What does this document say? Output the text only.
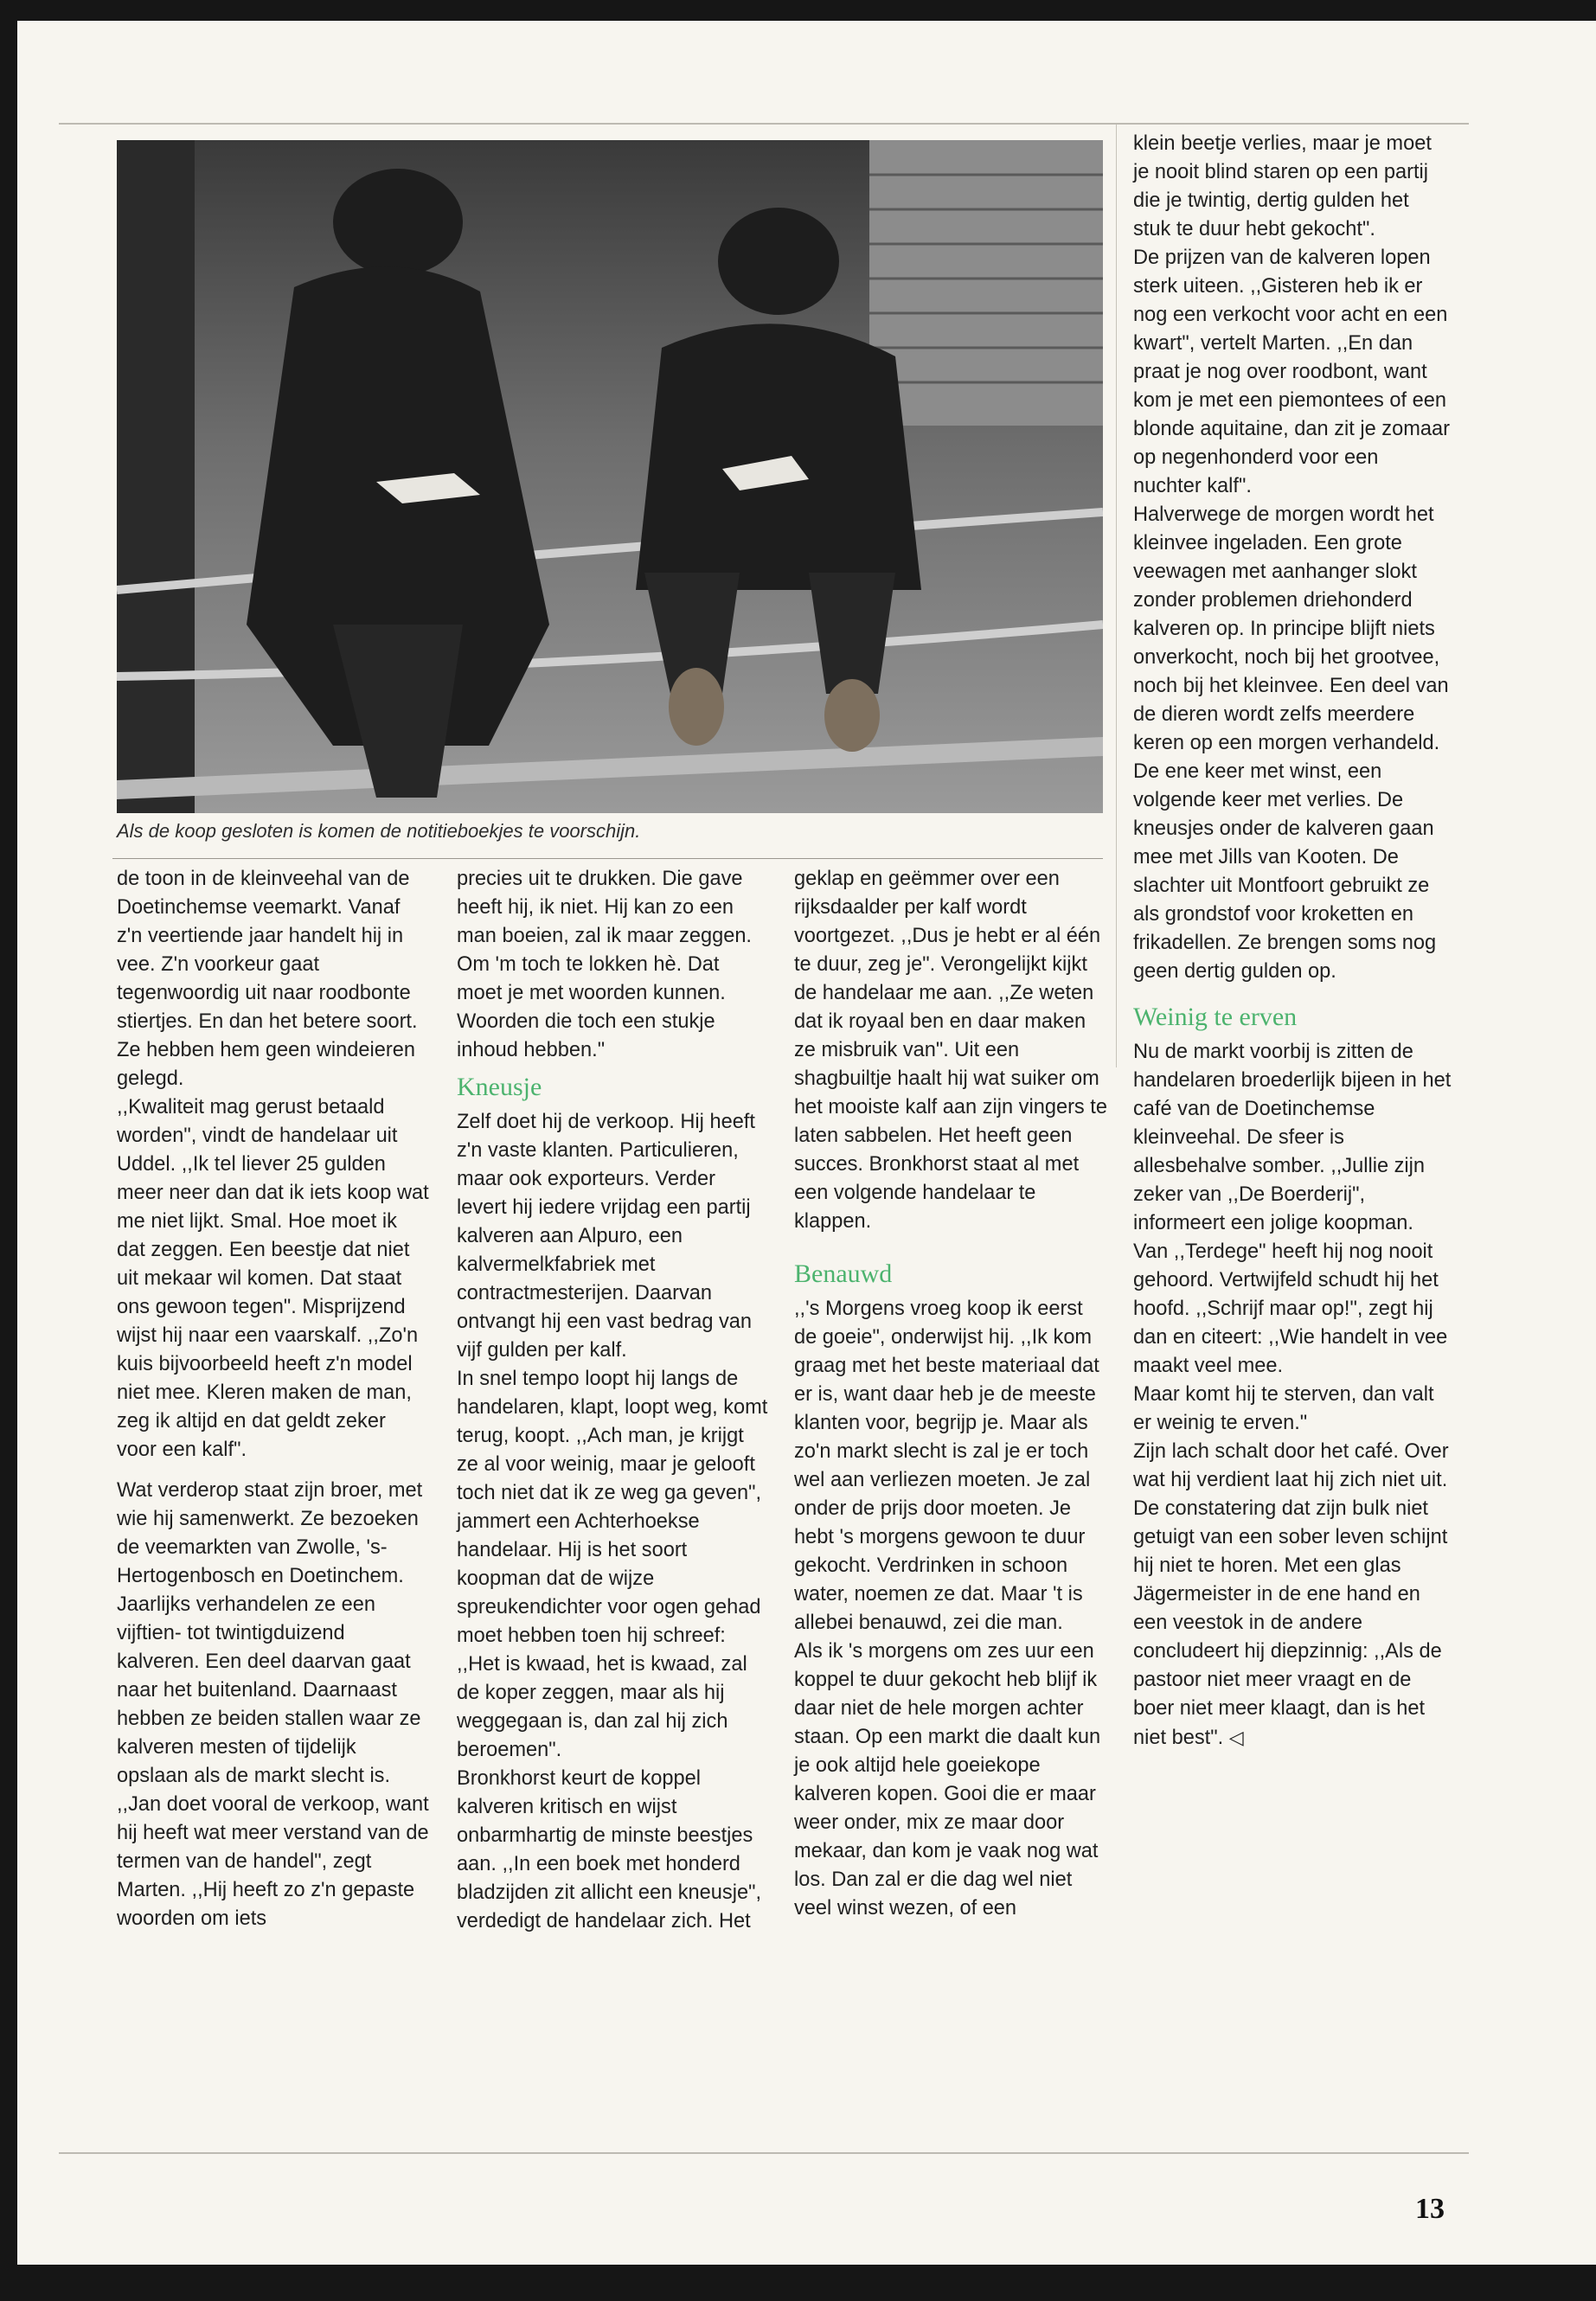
Als de koop gesloten is komen de notitieboekjes te voorschijn.

de toon in de kleinveehal van de Doetinchemse veemarkt. Vanaf z'n veertiende jaar handelt hij in vee. Z'n voorkeur gaat tegenwoordig uit naar roodbonte stiertjes. En dan het betere soort. Ze hebben hem geen windeieren gelegd.

,,Kwaliteit mag gerust betaald worden", vindt de handelaar uit Uddel. ,,Ik tel liever 25 gulden meer neer dan dat ik iets koop wat me niet lijkt. Smal. Hoe moet ik dat zeggen. Een beestje dat niet uit mekaar wil komen. Dat staat ons gewoon tegen". Misprijzend wijst hij naar een vaarskalf. ,,Zo'n kuis bijvoorbeeld heeft z'n model niet mee. Kleren maken de man, zeg ik altijd en dat geldt zeker voor een kalf".

Wat verderop staat zijn broer, met wie hij samenwerkt. Ze bezoeken de veemarkten van Zwolle, 's-Hertogenbosch en Doetinchem. Jaarlijks verhandelen ze een vijftien- tot twintigduizend kalveren. Een deel daarvan gaat naar het buitenland. Daarnaast hebben ze beiden stallen waar ze kalveren mesten of tijdelijk opslaan als de markt slecht is. ,,Jan doet vooral de verkoop, want hij heeft wat meer verstand van de termen van de handel", zegt Marten. ,,Hij heeft zo z'n gepaste woorden om iets

precies uit te drukken. Die gave heeft hij, ik niet. Hij kan zo een man boeien, zal ik maar zeggen. Om 'm toch te lokken hè. Dat moet je met woorden kunnen. Woorden die toch een stukje inhoud hebben."

Kneusje

Zelf doet hij de verkoop. Hij heeft z'n vaste klanten. Particulieren, maar ook exporteurs. Verder levert hij iedere vrijdag een partij kalveren aan Alpuro, een kalvermelkfabriek met contractmesterijen. Daarvan ontvangt hij een vast bedrag van vijf gulden per kalf.

In snel tempo loopt hij langs de handelaren, klapt, loopt weg, komt terug, koopt. ,,Ach man, je krijgt ze al voor weinig, maar je gelooft toch niet dat ik ze weg ga geven", jammert een Achterhoekse handelaar. Hij is het soort koopman dat de wijze spreukendichter voor ogen gehad moet hebben toen hij schreef: ,,Het is kwaad, het is kwaad, zal de koper zeggen, maar als hij weggegaan is, dan zal hij zich beroemen".

Bronkhorst keurt de koppel kalveren kritisch en wijst onbarmhartig de minste beestjes aan. ,,In een boek met honderd bladzijden zit allicht een kneusje", verdedigt de handelaar zich. Het

geklap en geëmmer over een rijksdaalder per kalf wordt voortgezet. ,,Dus je hebt er al één te duur, zeg je". Verongelijkt kijkt de handelaar me aan. ,,Ze weten dat ik royaal ben en daar maken ze misbruik van". Uit een shagbuiltje haalt hij wat suiker om het mooiste kalf aan zijn vingers te laten sabbelen. Het heeft geen succes. Bronkhorst staat al met een volgende handelaar te klappen.

Benauwd

,,'s Morgens vroeg koop ik eerst de goeie", onderwijst hij. ,,Ik kom graag met het beste materiaal dat er is, want daar heb je de meeste klanten voor, begrijp je. Maar als zo'n markt slecht is zal je er toch wel aan verliezen moeten. Je zal onder de prijs door moeten. Je hebt 's morgens gewoon te duur gekocht. Verdrinken in schoon water, noemen ze dat. Maar 't is allebei benauwd, zei die man.

Als ik 's morgens om zes uur een koppel te duur gekocht heb blijf ik daar niet de hele morgen achter staan. Op een markt die daalt kun je ook altijd hele goeiekope kalveren kopen. Gooi die er maar weer onder, mix ze maar door mekaar, dan kom je vaak nog wat los. Dan zal er die dag wel niet veel winst wezen, of een

klein beetje verlies, maar je moet je nooit blind staren op een partij die je twintig, dertig gulden het stuk te duur hebt gekocht".

De prijzen van de kalveren lopen sterk uiteen. ,,Gisteren heb ik er nog een verkocht voor acht en een kwart", vertelt Marten. ,,En dan praat je nog over roodbont, want kom je met een piemontees of een blonde aquitaine, dan zit je zomaar op negenhonderd voor een nuchter kalf".

Halverwege de morgen wordt het kleinvee ingeladen. Een grote veewagen met aanhanger slokt zonder problemen driehonderd kalveren op. In principe blijft niets onverkocht, noch bij het grootvee, noch bij het kleinvee. Een deel van de dieren wordt zelfs meerdere keren op een morgen verhandeld. De ene keer met winst, een volgende keer met verlies. De kneusjes onder de kalveren gaan mee met Jills van Kooten. De slachter uit Montfoort gebruikt ze als grondstof voor kroketten en frikadellen. Ze brengen soms nog geen dertig gulden op.

Weinig te erven

Nu de markt voorbij is zitten de handelaren broederlijk bijeen in het café van de Doetinchemse kleinveehal. De sfeer is allesbehalve somber. ,,Jullie zijn zeker van ,,De Boerderij", informeert een jolige koopman. Van ,,Terdege" heeft hij nog nooit gehoord. Vertwijfeld schudt hij het hoofd. ,,Schrijf maar op!", zegt hij dan en citeert: ,,Wie handelt in vee maakt veel mee.

Maar komt hij te sterven, dan valt er weinig te erven."

Zijn lach schalt door het café. Over wat hij verdient laat hij zich niet uit. De constatering dat zijn bulk niet getuigt van een sober leven schijnt hij niet te horen. Met een glas Jägermeister in de ene hand en een veestok in de andere concludeert hij diepzinnig: ,,Als de pastoor niet meer vraagt en de boer niet meer klaagt, dan is het niet best". ◁

13
